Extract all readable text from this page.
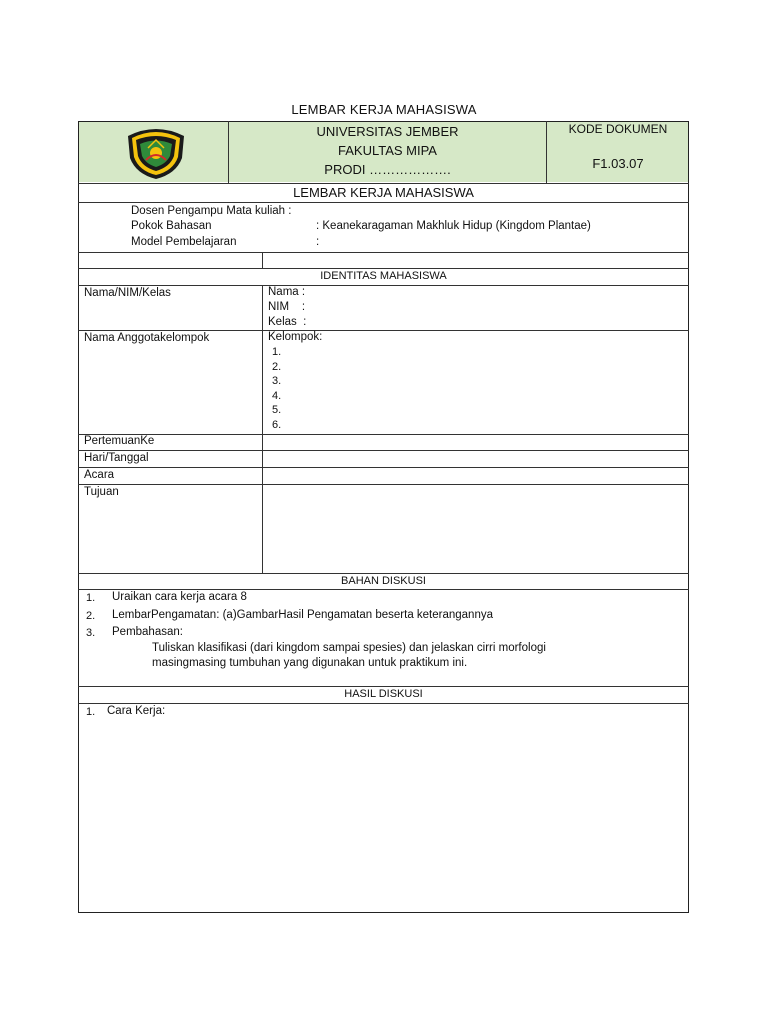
LEMBAR KERJA MAHASISWA
UNIVERSITAS JEMBER
FAKULTAS MIPA
PRODI ……………….
KODE DOKUMEN
F1.03.07
LEMBAR KERJA MAHASISWA
Dosen Pengampu Mata kuliah :
Pokok Bahasan	: Keanekaragaman Makhluk Hidup (Kingdom Plantae)
Model Pembelajaran	:
IDENTITAS MAHASISWA
Nama/NIM/Kelas	Nama :
NIM    :
Kelas  :
Nama Anggotakelompok	Kelompok:
1.
2.
3.
4.
5.
6.
PertemuanKe
Hari/Tanggal
Acara
Tujuan
BAHAN DISKUSI
1. Uraikan cara kerja acara 8
2. LembarPengamatan: (a)GambarHasil Pengamatan beserta keterangannya
3. Pembahasan:
Tuliskan klasifikasi (dari kingdom sampai spesies) dan jelaskan cirri morfologi
masingmasing tumbuhan yang digunakan untuk praktikum ini.
HASIL DISKUSI
1. Cara Kerja:
